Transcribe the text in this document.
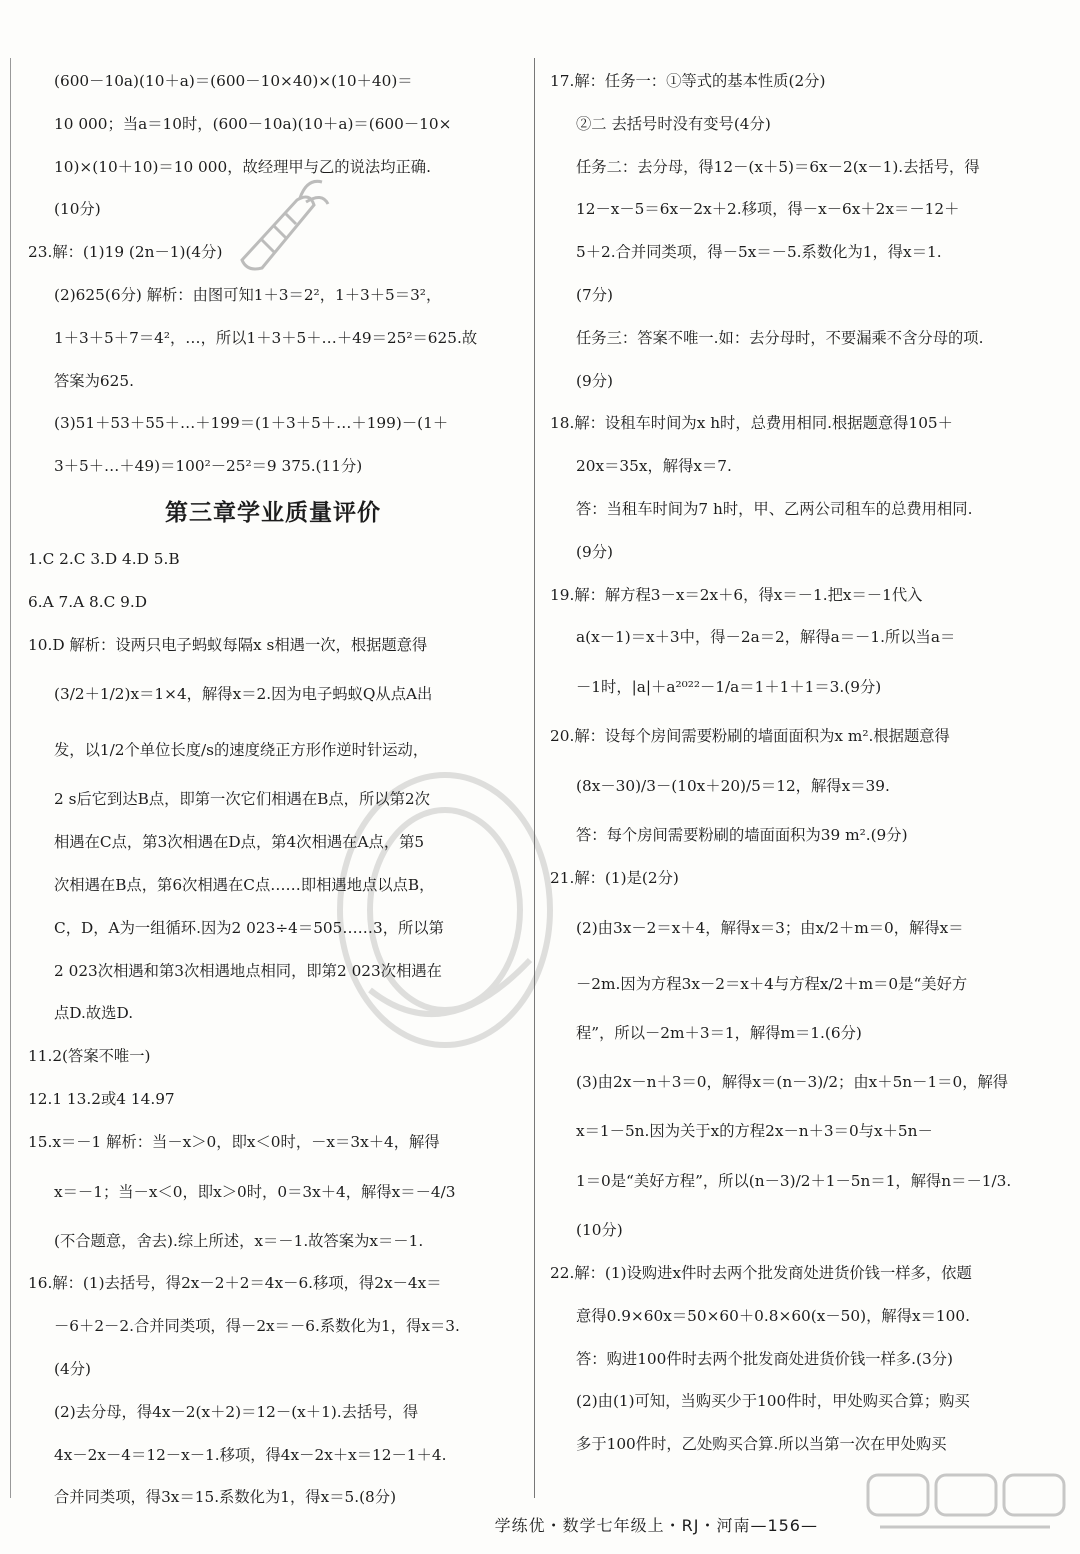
(600－10a)(10＋a)＝(600－10×40)×(10＋40)＝
10 000；当a＝10时，(600－10a)(10＋a)＝(600－10×
10)×(10＋10)＝10 000，故经理甲与乙的说法均正确.
(10分)
23.解：(1)19 (2n－1)(4分)
(2)625(6分) 解析：由图可知1＋3＝2²，1＋3＋5＝3²，
1＋3＋5＋7＝4²，…，所以1＋3＋5＋…＋49＝25²＝625.故
答案为625.
(3)51＋53＋55＋…＋199＝(1＋3＋5＋…＋199)－(1＋
3＋5＋…＋49)＝100²－25²＝9 375.(11分)
第三章学业质量评价
1.C 2.C 3.D 4.D 5.B
6.A 7.A 8.C 9.D
10.D 解析：设两只电子蚂蚁每隔x s相遇一次，根据题意得
(3/2＋1/2)x＝1×4，解得x＝2.因为电子蚂蚁Q从点A出
发，以1/2个单位长度/s的速度绕正方形作逆时针运动，
2 s后它到达B点，即第一次它们相遇在B点，所以第2次
相遇在C点，第3次相遇在D点，第4次相遇在A点，第5
次相遇在B点，第6次相遇在C点……即相遇地点以点B，
C，D，A为一组循环.因为2 023÷4＝505……3，所以第
2 023次相遇和第3次相遇地点相同，即第2 023次相遇在
点D.故选D.
11.2(答案不唯一)
12.1 13.2或4 14.97
15.x＝－1 解析：当－x＞0，即x＜0时，－x＝3x＋4，解得
x＝－1；当－x＜0，即x＞0时，0＝3x＋4，解得x＝－4/3
(不合题意，舍去).综上所述，x＝－1.故答案为x＝－1.
16.解：(1)去括号，得2x－2＋2＝4x－6.移项，得2x－4x＝
－6＋2－2.合并同类项，得－2x＝－6.系数化为1，得x＝3.
(4分)
(2)去分母，得4x－2(x＋2)＝12－(x＋1).去括号，得
4x－2x－4＝12－x－1.移项，得4x－2x＋x＝12－1＋4.
合并同类项，得3x＝15.系数化为1，得x＝5.(8分)
17.解：任务一：①等式的基本性质(2分)
②二 去括号时没有变号(4分)
任务二：去分母，得12－(x＋5)＝6x－2(x－1).去括号，得
12－x－5＝6x－2x＋2.移项，得－x－6x＋2x＝－12＋
5＋2.合并同类项，得－5x＝－5.系数化为1，得x＝1.
(7分)
任务三：答案不唯一.如：去分母时，不要漏乘不含分母的项.
(9分)
18.解：设租车时间为x h时，总费用相同.根据题意得105＋
20x＝35x，解得x＝7.
答：当租车时间为7 h时，甲、乙两公司租车的总费用相同.
(9分)
19.解：解方程3－x＝2x＋6，得x＝－1.把x＝－1代入
a(x－1)＝x＋3中，得－2a＝2，解得a＝－1.所以当a＝
－1时，|a|＋a²⁰²²－1/a＝1＋1＋1＝3.(9分)
20.解：设每个房间需要粉刷的墙面面积为x m².根据题意得
(8x－30)/3－(10x＋20)/5＝12，解得x＝39.
答：每个房间需要粉刷的墙面面积为39 m².(9分)
21.解：(1)是(2分)
(2)由3x－2＝x＋4，解得x＝3；由x/2＋m＝0，解得x＝
－2m.因为方程3x－2＝x＋4与方程x/2＋m＝0是“美好方
程”，所以－2m＋3＝1，解得m＝1.(6分)
(3)由2x－n＋3＝0，解得x＝(n－3)/2；由x＋5n－1＝0，解得
x＝1－5n.因为关于x的方程2x－n＋3＝0与x＋5n－
1＝0是“美好方程”，所以(n－3)/2＋1－5n＝1，解得n＝－1/3.
(10分)
22.解：(1)设购进x件时去两个批发商处进货价钱一样多，依题
意得0.9×60x＝50×60＋0.8×60(x－50)，解得x＝100.
答：购进100件时去两个批发商处进货价钱一样多.(3分)
(2)由(1)可知，当购买少于100件时，甲处购买合算；购买
多于100件时，乙处购买合算.所以当第一次在甲处购买
学练优・数学七年级上・RJ・河南—156—
